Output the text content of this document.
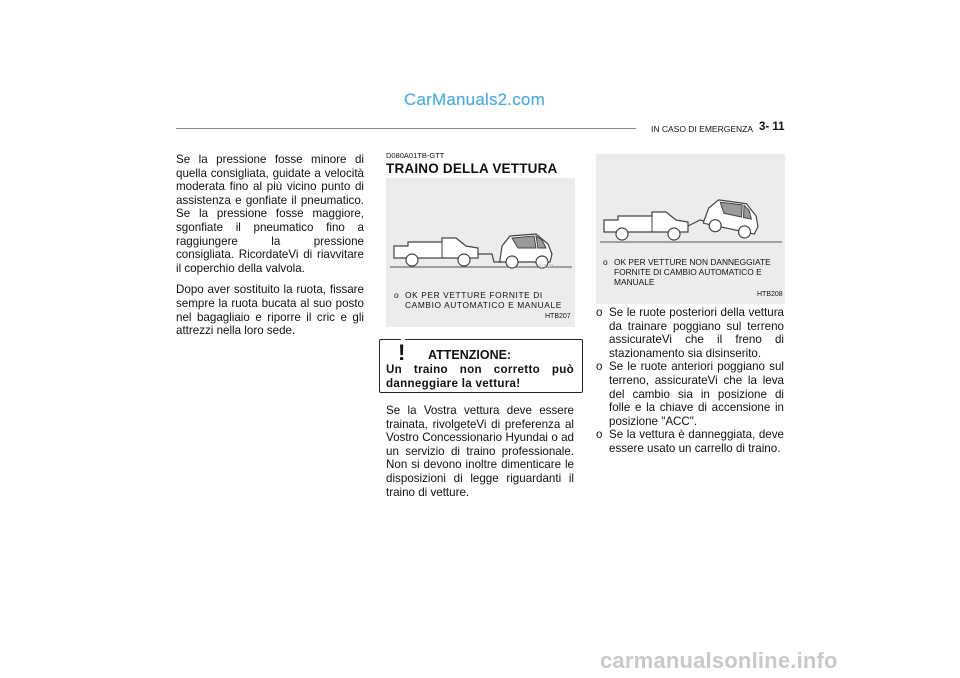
CarManuals2.com
IN CASO DI EMERGENZA 3- 11

Se la pressione fosse minore di quella consigliata, guidate a velocità moderata fino al più vicino punto di assistenza e gonfiate il pneumatico. Se la pressione fosse maggiore, sgonfiate il pneumatico fino a raggiungere la pressione consigliata. RicordateVi di riavvitare il coperchio della valvola.

Dopo aver sostituito la ruota, fissare sempre la ruota bucata al suo posto nel bagagliaio e riporre il cric e gli attrezzi nella loro sede.

D080A01TB-GTT
TRAINO DELLA VETTURA
OUT-43
o OK PER VETTURE FORNITE DI CAMBIO AUTOMATICO E MANUALE
HTB207
! ATTENZIONE:
Un traino non corretto può danneggiare la vettura!
Se la Vostra vettura deve essere trainata, rivolgeteVi di preferenza al Vostro Concessionario Hyundai o ad un servizio di traino professionale. Non si devono inoltre dimenticare le disposizioni di legge riguardanti il traino di vetture.
o OK PER VETTURE NON DANNEGGIATE FORNITE DI CAMBIO AUTOMATICO E MANUALE
HTB208
o Se le ruote posteriori della vettura da trainare poggiano sul terreno assicurateVi che il freno di stazionamento sia disinserito.
o Se le ruote anteriori poggiano sul terreno, assicurateVi che la leva del cambio sia in posizione di folle e la chiave di accensione in posizione "ACC".
o Se la vettura è danneggiata, deve essere usato un carrello di traino.
carmanualsonline.info
